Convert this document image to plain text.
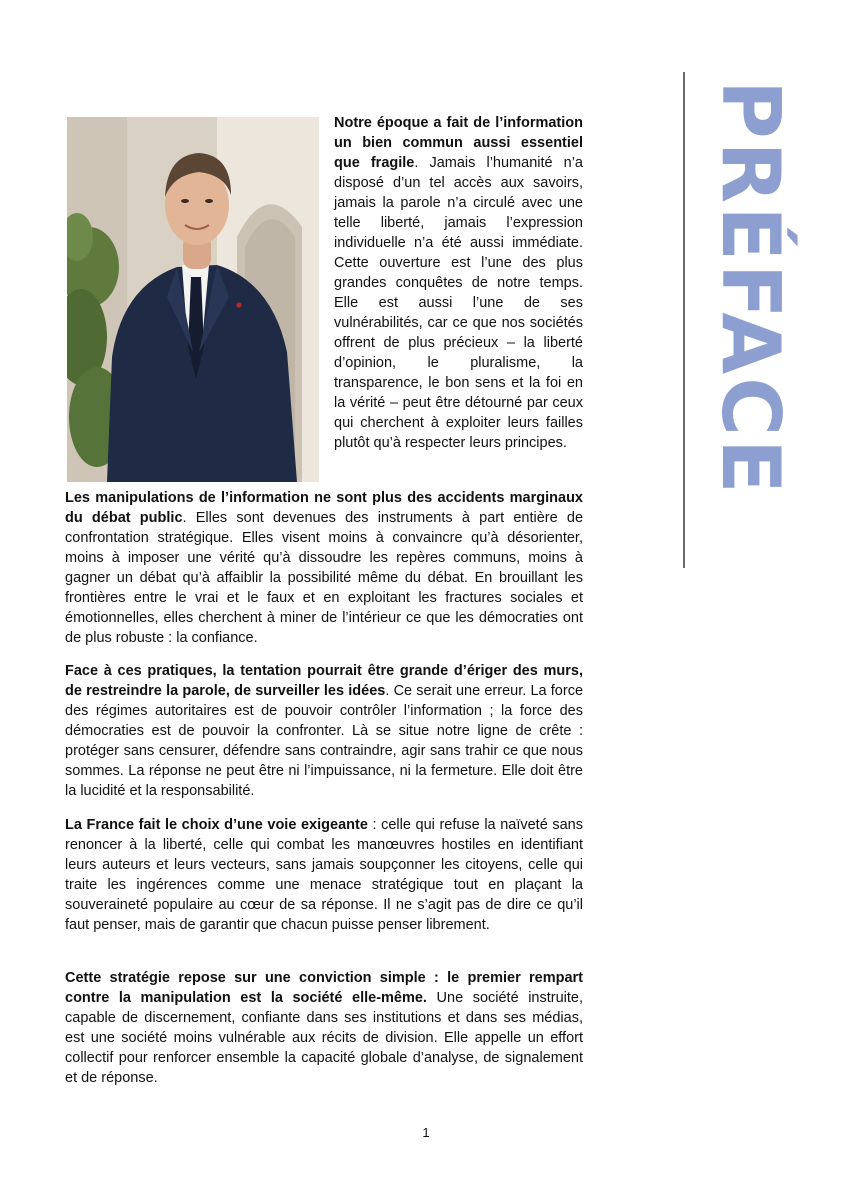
PRÉFACE

Notre époque a fait de l’information un bien commun aussi essentiel que fragile. Jamais l’humanité n’a disposé d’un tel accès aux savoirs, jamais la parole n’a circulé avec une telle liberté, jamais l’expression individuelle n’a été aussi immédiate. Cette ouverture est l’une des plus grandes conquêtes de notre temps. Elle est aussi l’une de ses vulnérabilités, car ce que nos sociétés offrent de plus précieux – la liberté d’opinion, le pluralisme, la transparence, le bon sens et la foi en la vérité – peut être détourné par ceux qui cherchent à exploiter leurs failles plutôt qu’à respecter leurs principes.

Les manipulations de l’information ne sont plus des accidents marginaux du débat public. Elles sont devenues des instruments à part entière de confrontation stratégique. Elles visent moins à convaincre qu’à désorienter, moins à imposer une vérité qu’à dissoudre les repères communs, moins à gagner un débat qu’à affaiblir la possibilité même du débat. En brouillant les frontières entre le vrai et le faux et en exploitant les fractures sociales et émotionnelles, elles cherchent à miner de l’intérieur ce que les démocraties ont de plus robuste : la confiance.

Face à ces pratiques, la tentation pourrait être grande d’ériger des murs, de restreindre la parole, de surveiller les idées. Ce serait une erreur. La force des régimes autoritaires est de pouvoir contrôler l’information ; la force des démocraties est de pouvoir la confronter. Là se situe notre ligne de crête : protéger sans censurer, défendre sans contraindre, agir sans trahir ce que nous sommes. La réponse ne peut être ni l’impuissance, ni la fermeture. Elle doit être la lucidité et la responsabilité.

La France fait le choix d’une voie exigeante : celle qui refuse la naïveté sans renoncer à la liberté, celle qui combat les manœuvres hostiles en identifiant leurs auteurs et leurs vecteurs, sans jamais soupçonner les citoyens, celle qui traite les ingérences comme une menace stratégique tout en plaçant la souveraineté populaire au cœur de sa réponse. Il ne s’agit pas de dire ce qu’il faut penser, mais de garantir que chacun puisse penser librement.

Cette stratégie repose sur une conviction simple : le premier rempart contre la manipulation est la société elle-même. Une société instruite, capable de discernement, confiante dans ses institutions et dans ses médias, est une société moins vulnérable aux récits de division. Elle appelle un effort collectif pour renforcer ensemble la capacité globale d’analyse, de signalement et de réponse.

1
